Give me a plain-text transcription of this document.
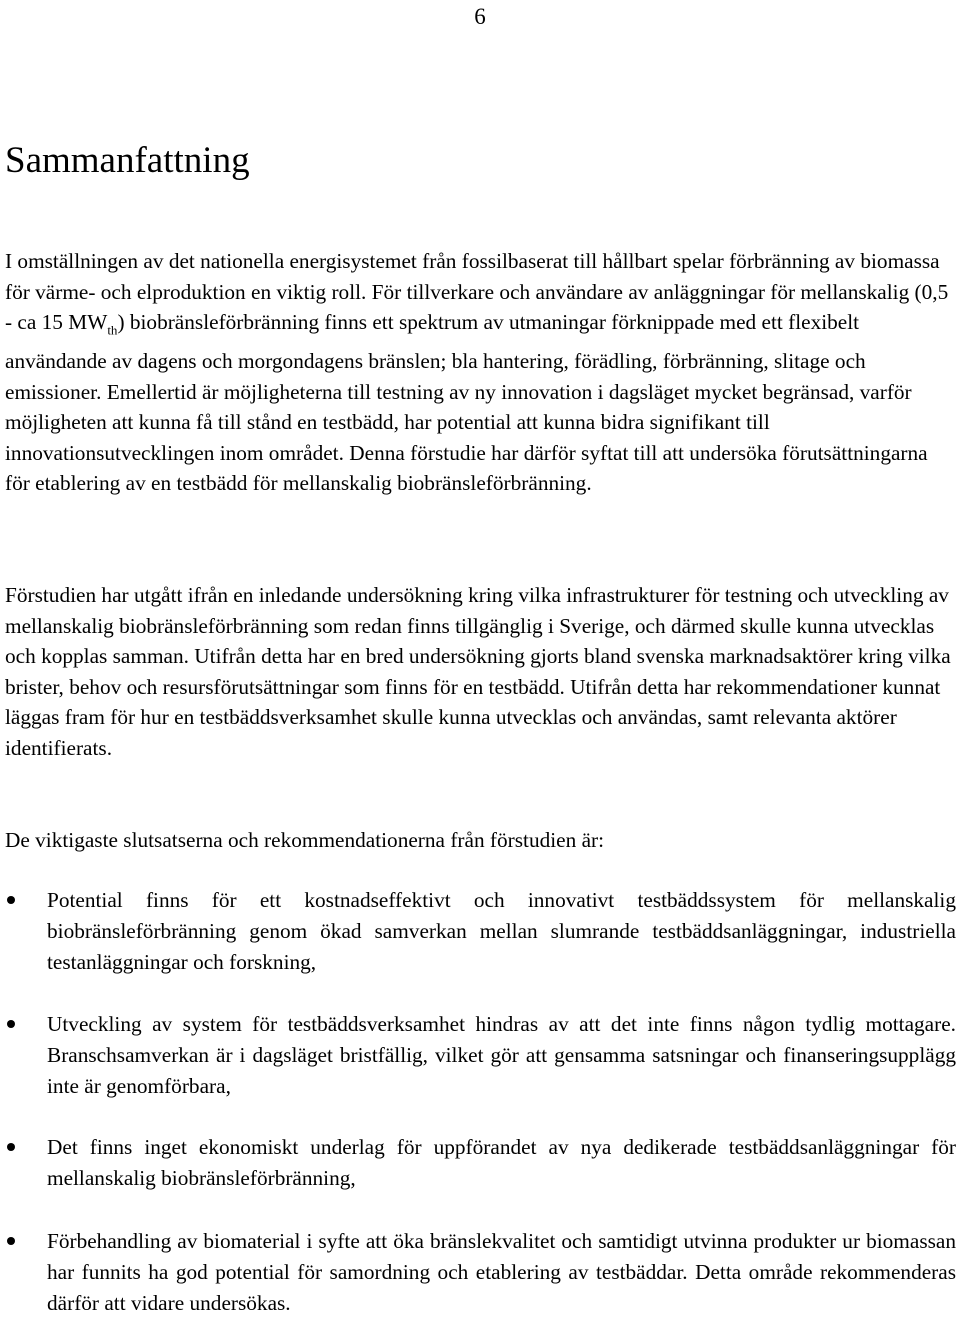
6
Sammanfattning

I omställningen av det nationella energisystemet från fossilbaserat till hållbart spelar förbränning av biomassa för värme- och elproduktion en viktig roll. För tillverkare och användare av anläggningar för mellanskalig (0,5 - ca 15 $MW_{th}$) biobränsleförbränning finns ett spektrum av utmaningar förknippade med ett flexibelt användande av dagens och morgondagens bränslen; bla hantering, förädling, förbränning, slitage och emissioner. Emellertid är möjligheterna till testning av ny innovation i dagsläget mycket begränsad, varför möjligheten att kunna få till stånd en testbädd, har potential att kunna bidra signifikant till innovationsutvecklingen inom området. Denna förstudie har därför syftat till att undersöka förutsättningarna för etablering av en testbädd för mellanskalig biobränsleförbränning.

Förstudien har utgått ifrån en inledande undersökning kring vilka infrastrukturer för testning och utveckling av mellanskalig biobränsleförbränning som redan finns tillgänglig i Sverige, och därmed skulle kunna utvecklas och kopplas samman. Utifrån detta har en bred undersökning gjorts bland svenska marknadsaktörer kring vilka brister, behov och resursförutsättningar som finns för en testbädd. Utifrån detta har rekommendationer kunnat läggas fram för hur en testbäddsverksamhet skulle kunna utvecklas och användas, samt relevanta aktörer identifierats.

De viktigaste slutsatserna och rekommendationerna från förstudien är:

Potential finns för ett kostnadseffektivt och innovativt testbäddssystem för mellanskalig biobränsleförbränning genom ökad samverkan mellan slumrande testbäddsanläggningar, industriella testanläggningar och forskning,
Utveckling av system för testbäddsverksamhet hindras av att det inte finns någon tydlig mottagare. Branschsamverkan är i dagsläget bristfällig, vilket gör att gensamma satsningar och finanseringsupplägg inte är genomförbara,
Det finns inget ekonomiskt underlag för uppförandet av nya dedikerade testbäddsanläggningar för mellanskalig biobränsleförbränning,
Förbehandling av biomaterial i syfte att öka bränslekvalitet och samtidigt utvinna produkter ur biomassan har funnits ha god potential för samordning och etablering av testbäddar. Detta område rekommenderas därför att vidare undersökas.
